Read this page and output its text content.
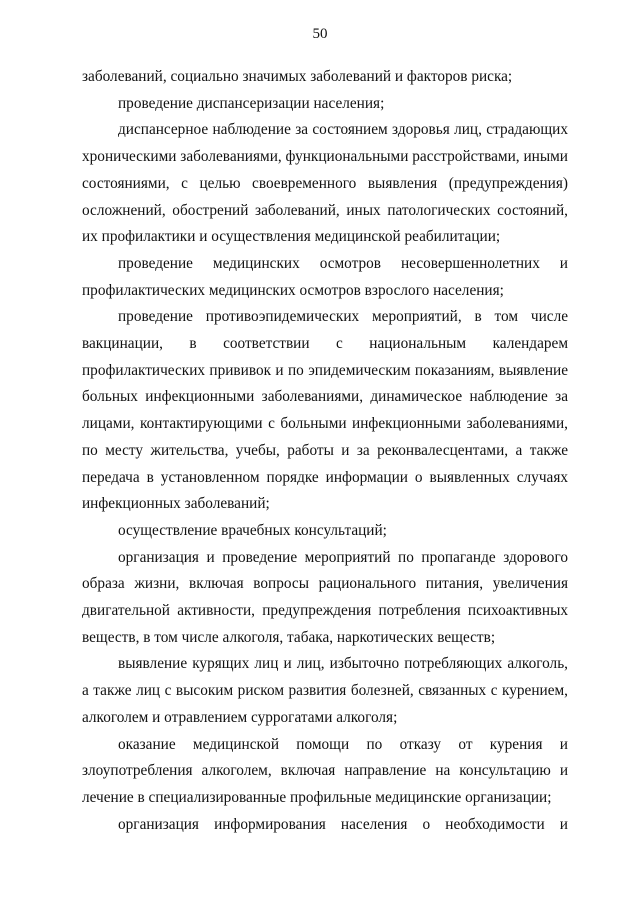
50

заболеваний, социально значимых заболеваний и факторов риска;

проведение диспансеризации населения;

диспансерное наблюдение за состоянием здоровья лиц, страдающих хроническими заболеваниями, функциональными расстройствами, иными состояниями, с целью своевременного выявления (предупреждения) осложнений, обострений заболеваний, иных патологических состояний, их профилактики и осуществления медицинской реабилитации;

проведение медицинских осмотров несовершеннолетних и профилактических медицинских осмотров взрослого населения;

проведение противоэпидемических мероприятий, в том числе вакцинации, в соответствии с национальным календарем профилактических прививок и по эпидемическим показаниям, выявление больных инфекционными заболеваниями, динамическое наблюдение за лицами, контактирующими с больными инфекционными заболеваниями, по месту жительства, учебы, работы и за реконвалесцентами, а также передача в установленном порядке информации о выявленных случаях инфекционных заболеваний;

осуществление врачебных консультаций;

организация и проведение мероприятий по пропаганде здорового образа жизни, включая вопросы рационального питания, увеличения двигательной активности, предупреждения потребления психоактивных веществ, в том числе алкоголя, табака, наркотических веществ;

выявление курящих лиц и лиц, избыточно потребляющих алкоголь, а также лиц с высоким риском развития болезней, связанных с курением, алкоголем и отравлением суррогатами алкоголя;

оказание медицинской помощи по отказу от курения и злоупотребления алкоголем, включая направление на консультацию и лечение в специализированные профильные медицинские организации;

организация информирования населения о необходимости и
